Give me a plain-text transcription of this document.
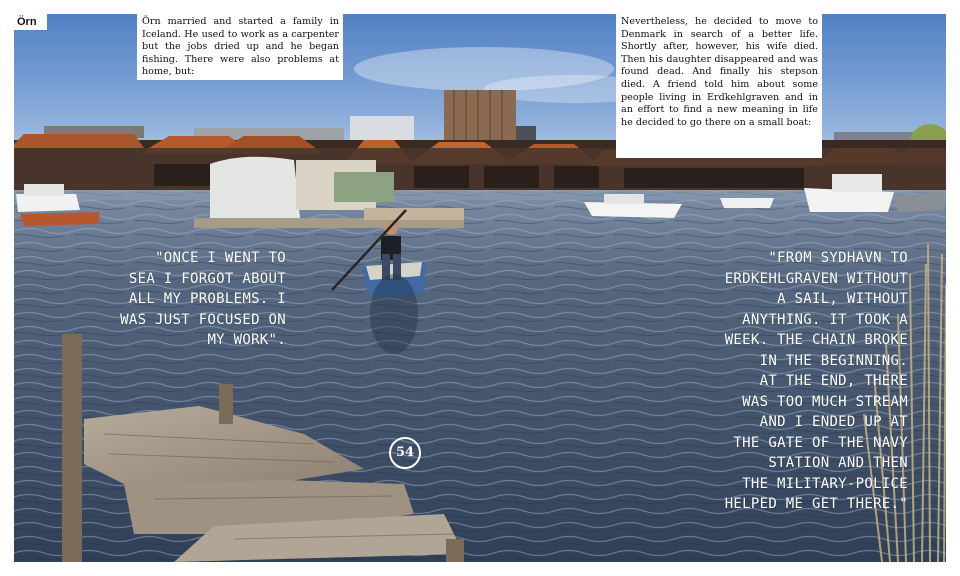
Örn	Örn married and started a family in Iceland. He used to work as a carpenter but the jobs dried up and he began fishing. There were also problems at home, but:
Nevertheless, he decided to move to Denmark in search of a better life. Shortly after, however, his wife died. Then his daughter disappeared and was found dead. And finally his stepson died. A friend told him about some people living in Erdkehlgraven and in an effort to find a new meaning in life he decided to go there on a small boat:
"ONCE I WENT TO
SEA I FORGOT ABOUT
ALL MY PROBLEMS. I
WAS JUST FOCUSED ON
MY WORK".
"FROM SYDHAVN TO
ERDKEHLGRAVEN WITHOUT
A SAIL, WITHOUT
ANYTHING. IT TOOK A
WEEK. THE CHAIN BROKE
IN THE BEGINNING.
AT THE END, THERE
WAS TOO MUCH STREAM
AND I ENDED UP AT
THE GATE OF THE NAVY
STATION AND THEN
THE MILITARY-POLICE
HELPED ME GET THERE."
54
